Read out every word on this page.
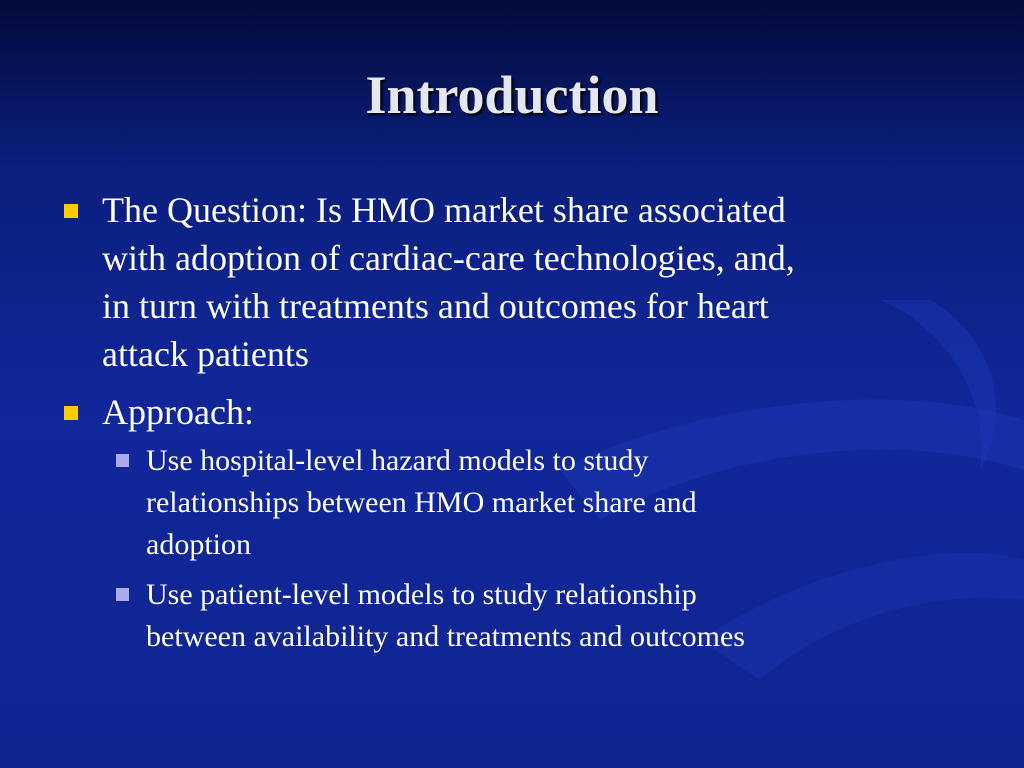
Introduction
The Question: Is HMO market share associated
with adoption of cardiac-care technologies, and,
in turn with treatments and outcomes for heart
attack patients
Approach:
Use hospital-level hazard models to study
relationships between HMO market share and
adoption
Use patient-level models to study relationship
between availability and treatments and outcomes
